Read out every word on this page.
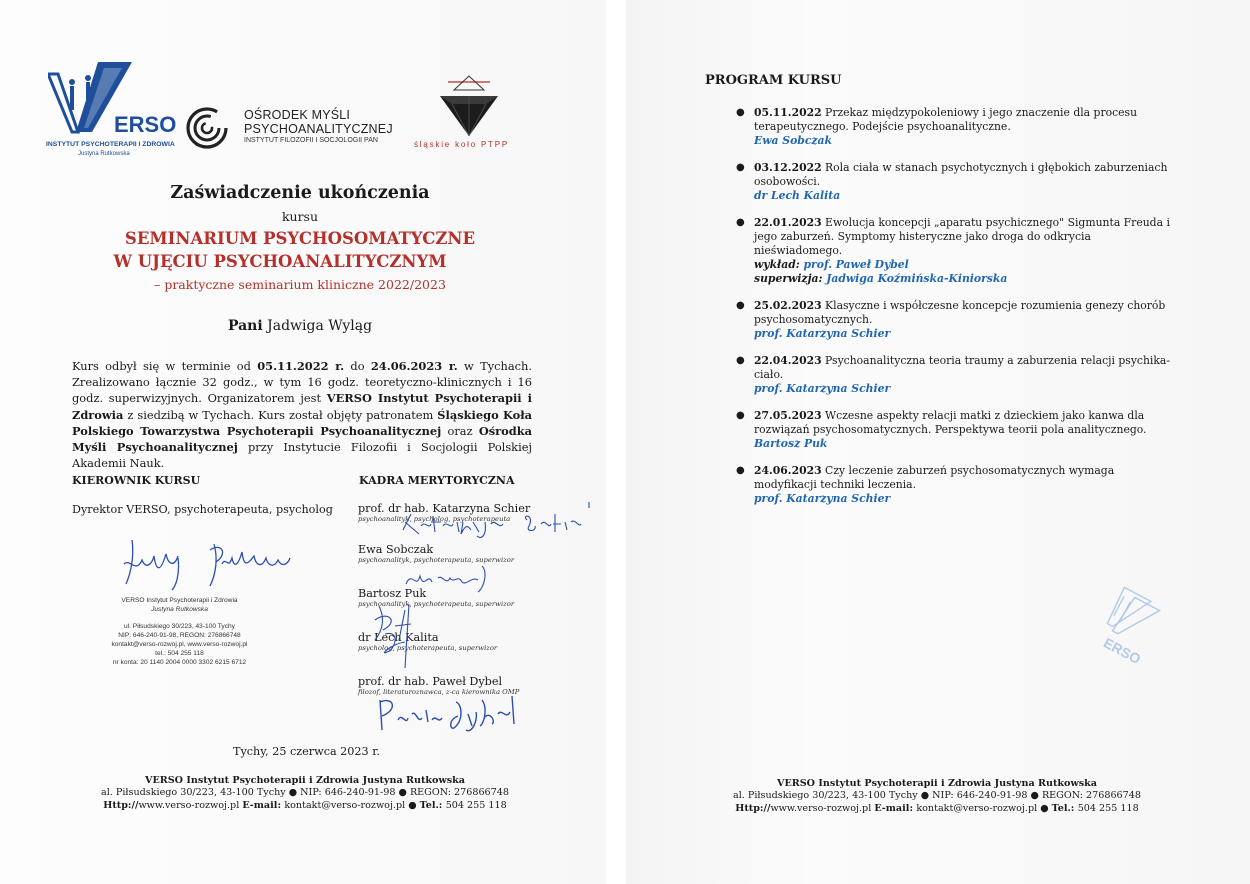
ERSO
INSTYTUT PSYCHOTERAPII I ZDROWIA
Justyna Rutkowska
OŚRODEK MYŚLI
PSYCHOANALITYCZNEJ
INSTYTUT FILOZOFII I SOCJOLOGII PAN	śląskie koło PTPP
Zaświadczenie ukończenia
kursu
SEMINARIUM PSYCHOSOMATYCZNE
W UJĘCIU PSYCHOANALITYCZNYM
– praktyczne seminarium kliniczne 2022/2023
Pani Jadwiga Wyląg
Kurs odbył się w terminie od 05.11.2022 r. do 24.06.2023 r. w Tychach. Zrealizowano łącznie 32 godz., w tym 16 godz. teoretyczno-klinicznych i 16 godz. superwizyjnych. Organizatorem jest VERSO Instytut Psychoterapii i Zdrowia z siedzibą w Tychach. Kurs został objęty patronatem Śląskiego Koła Polskiego Towarzystwa Psychoterapii Psychoanalitycznej oraz Ośrodka Myśli Psychoanalitycznej przy Instytucie Filozofii i Socjologii Polskiej Akademii Nauk.
KIEROWNIK KURSU	KADRA MERYTORYCZNA
Dyrektor VERSO, psychoterapeuta, psycholog
VERSO Instytut Psychoterapii i Zdrowia
Justyna Rutkowska
ul. Piłsudskiego 30/223, 43-100 Tychy
NIP: 646-240-91-98, REGON: 276866748
kontakt@verso-rozwoj.pl, www.verso-rozwoj.pl
tel.: 504 255 118
nr konta: 20 1140 2004 0000 3302 6215 6712
prof. dr hab. Katarzyna Schier
psychoanalityk, psycholog, psychoterapeuta
Ewa Sobczak
psychoanalityk, psychoterapeuta, superwizor
Bartosz Puk
psychoanalityk, psychoterapeuta, superwizor
dr Lech Kalita
psycholog, psychoterapeuta, superwizor
prof. dr hab. Paweł Dybel
filozof, literaturoznawca, z-ca kierownika OMP
Tychy, 25 czerwca 2023 r.
VERSO Instytut Psychoterapii i Zdrowia Justyna Rutkowska
al. Piłsudskiego 30/223, 43-100 Tychy ● NIP: 646-240-91-98 ● REGON: 276866748
Http://www.verso-rozwoj.pl E-mail: kontakt@verso-rozwoj.pl ● Tel.: 504 255 118
PROGRAM KURSU
● 05.11.2022 Przekaz międzypokoleniowy i jego znaczenie dla procesu terapeutycznego. Podejście psychoanalityczne.
Ewa Sobczak
● 03.12.2022 Rola ciała w stanach psychotycznych i głębokich zaburzeniach osobowości.
dr Lech Kalita
● 22.01.2023 Ewolucja koncepcji „aparatu psychicznego" Sigmunta Freuda i jego zaburzeń. Symptomy histeryczne jako droga do odkrycia nieświadomego.
wykład: prof. Paweł Dybel
superwizja: Jadwiga Koźmińska-Kiniorska
● 25.02.2023 Klasyczne i współczesne koncepcje rozumienia genezy chorób psychosomatycznych.
prof. Katarzyna Schier
● 22.04.2023 Psychoanalityczna teoria traumy a zaburzenia relacji psychika-ciało.
prof. Katarzyna Schier
● 27.05.2023 Wczesne aspekty relacji matki z dzieckiem jako kanwa dla rozwiązań psychosomatycznych. Perspektywa teorii pola analitycznego.
Bartosz Puk
● 24.06.2023 Czy leczenie zaburzeń psychosomatycznych wymaga modyfikacji techniki leczenia.
prof. Katarzyna Schier
ERSO
VERSO Instytut Psychoterapii i Zdrowia Justyna Rutkowska
al. Piłsudskiego 30/223, 43-100 Tychy ● NIP: 646-240-91-98 ● REGON: 276866748
Http://www.verso-rozwoj.pl E-mail: kontakt@verso-rozwoj.pl ● Tel.: 504 255 118
